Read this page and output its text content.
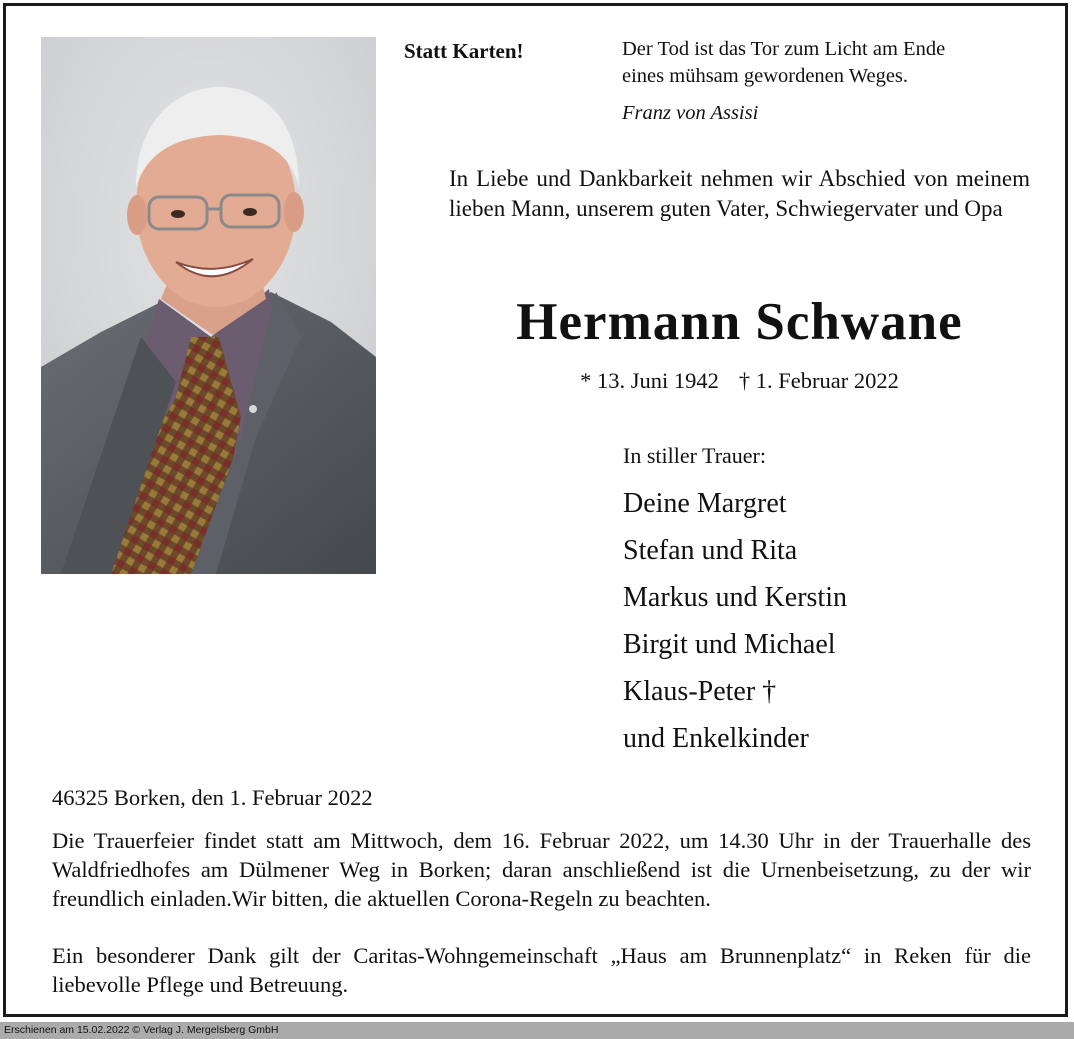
Statt Karten!	Der Tod ist das Tor zum Licht am Ende
eines mühsam gewordenen Weges.
Franz von Assisi
In Liebe und Dankbarkeit nehmen wir Abschied von meinem lieben Mann, unserem guten Vater, Schwiegervater und Opa
Hermann Schwane
* 13. Juni 1942 † 1. Februar 2022
In stiller Trauer:
Deine Margret
Stefan und Rita
Markus und Kerstin
Birgit und Michael
Klaus-Peter †
und Enkelkinder
46325 Borken, den 1. Februar 2022

Die Trauerfeier findet statt am Mittwoch, dem 16. Februar 2022, um 14.30 Uhr in der Trauerhalle des Waldfriedhofes am Dülmener Weg in Borken; daran anschließend ist die Urnenbeisetzung, zu der wir freundlich einladen.Wir bitten, die aktuellen Corona-Regeln zu beachten.

Ein besonderer Dank gilt der Caritas-Wohngemeinschaft „Haus am Brunnenplatz“ in Reken für die liebevolle Pflege und Betreuung.

Erschienen am 15.02.2022 © Verlag J. Mergelsberg GmbH
